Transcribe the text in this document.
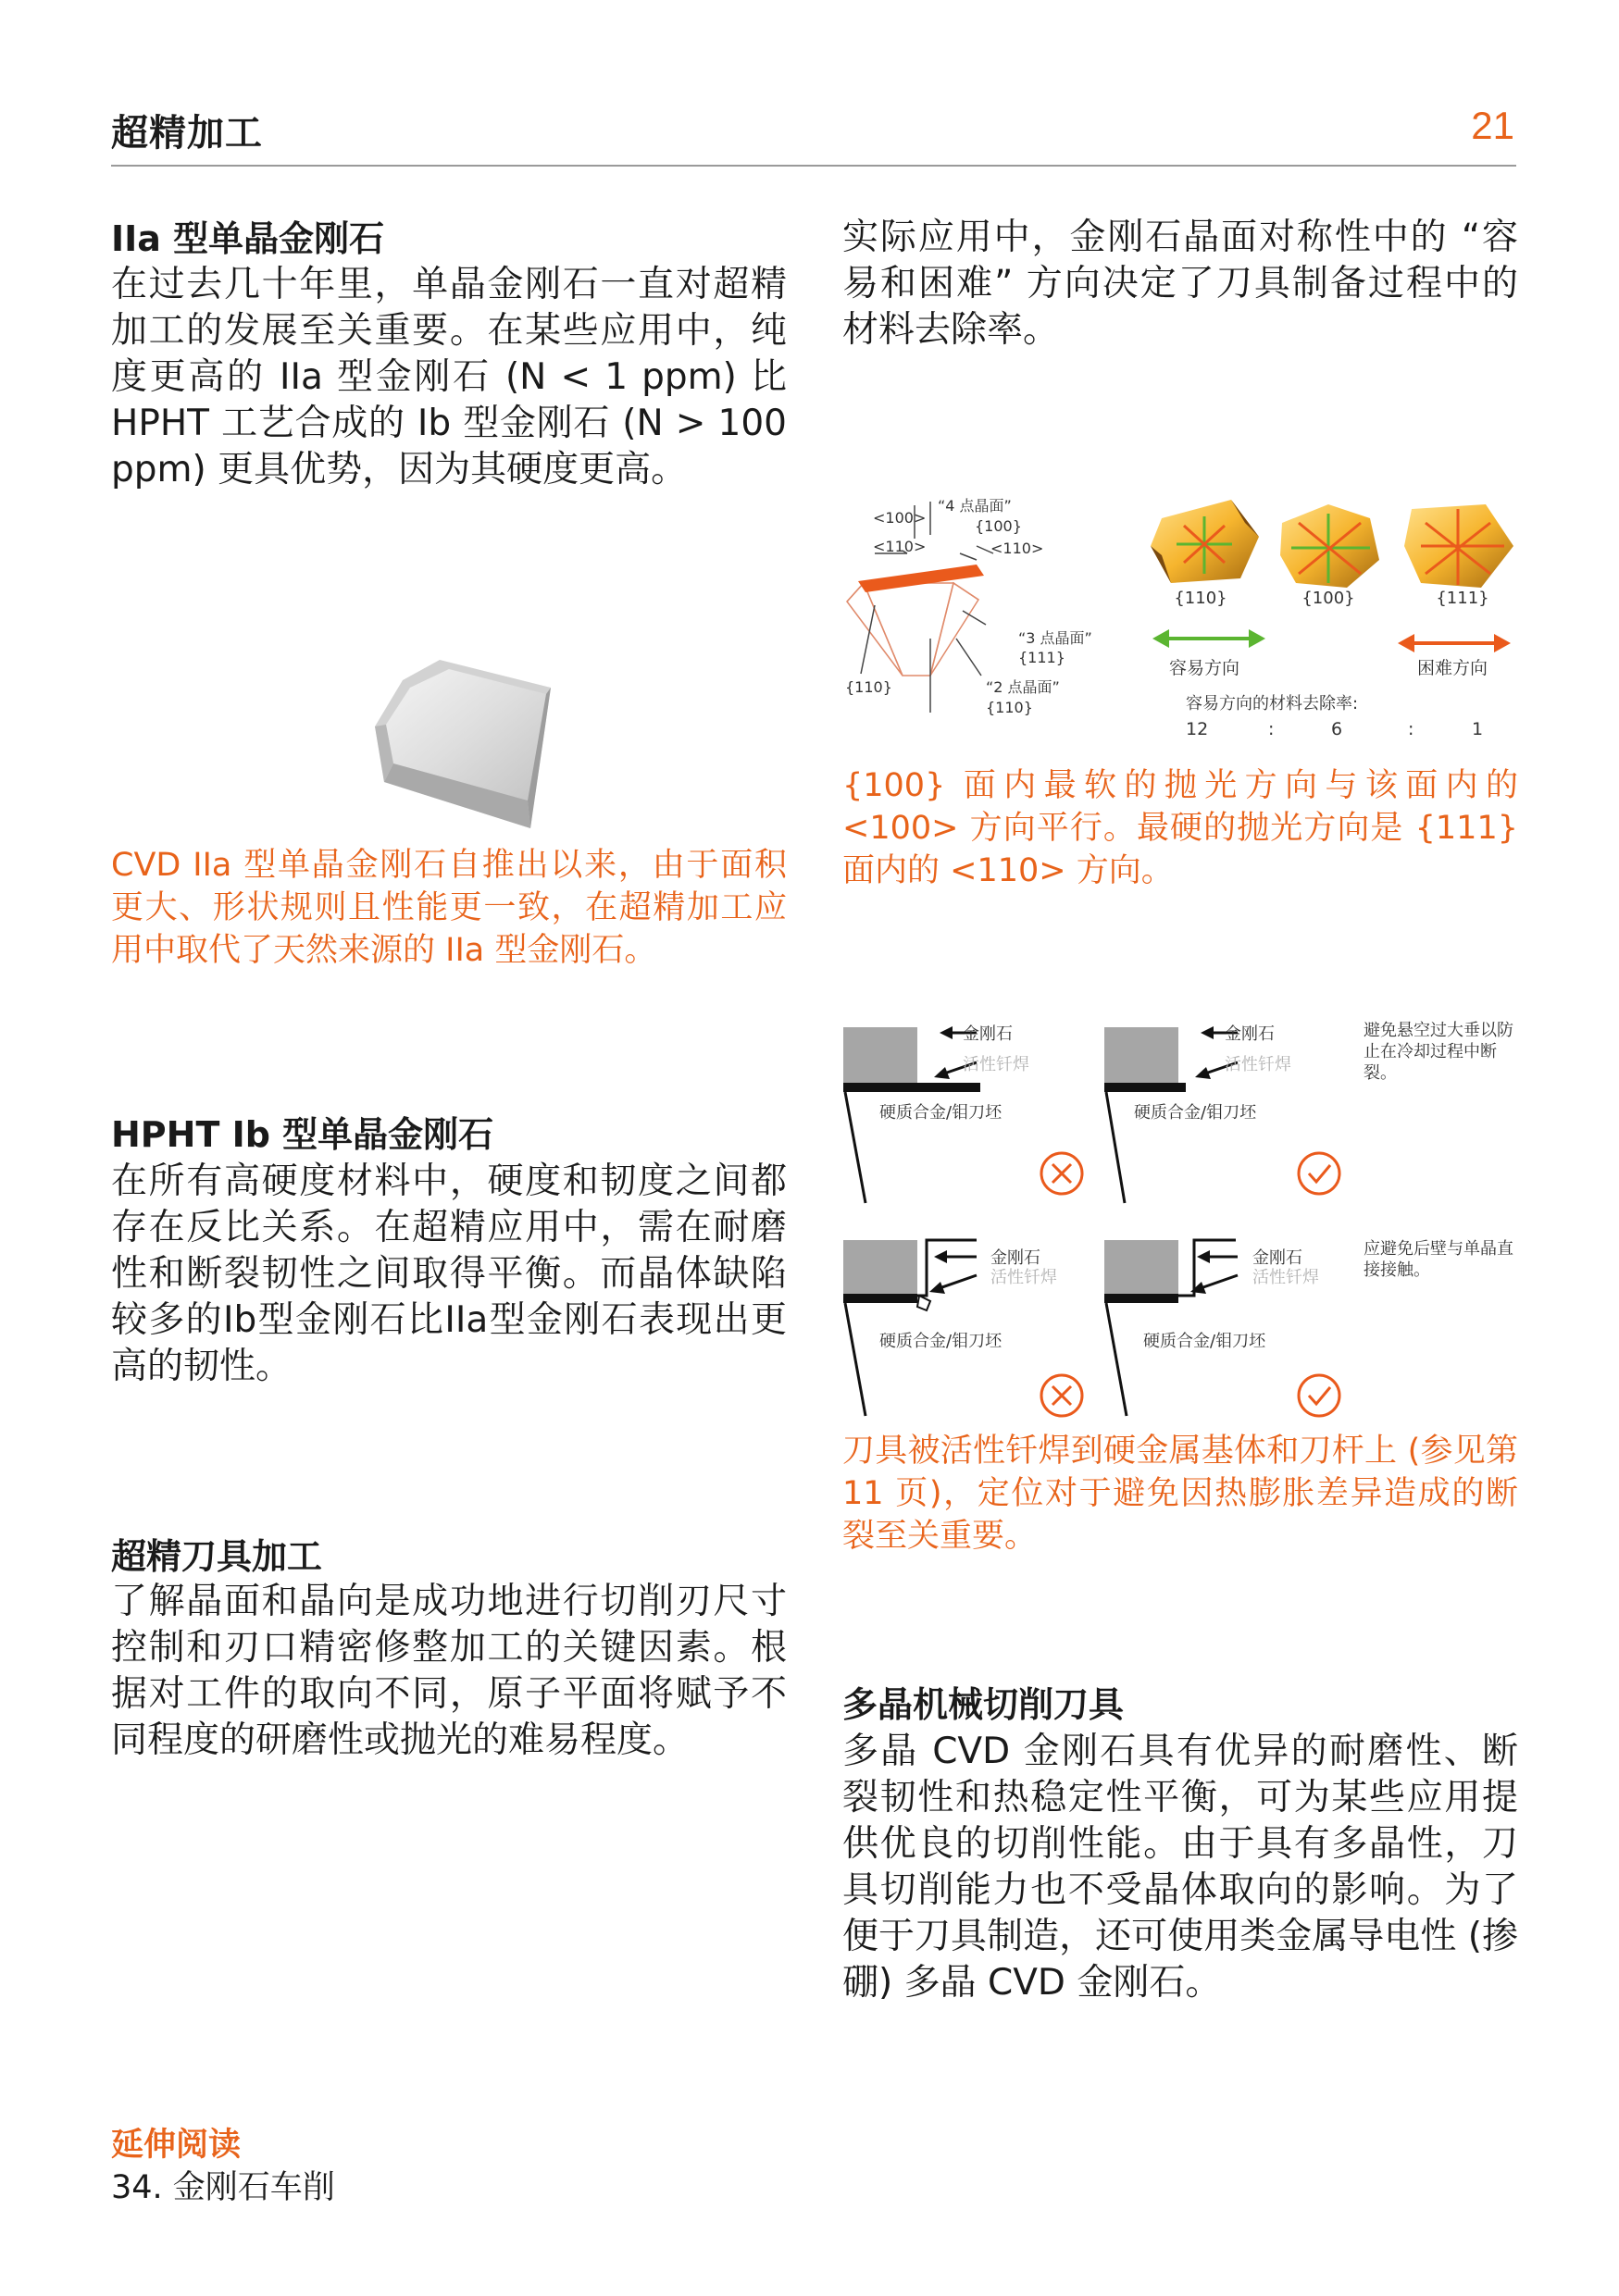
超精加工	21
IIa 型单晶金刚石
在过去几十年里，单晶金刚石一直对超精加工的发展至关重要。在某些应用中，纯度更高的 IIa 型金刚石 (N < 1 ppm) 比 HPHT 工艺合成的 Ib 型金刚石 (N > 100 ppm) 更具优势，因为其硬度更高。
CVD IIa 型单晶金刚石自推出以来，由于面积更大、形状规则且性能更一致，在超精加工应用中取代了天然来源的 IIa 型金刚石。
HPHT Ib 型单晶金刚石
在所有高硬度材料中，硬度和韧度之间都存在反比关系。在超精应用中，需在耐磨性和断裂韧性之间取得平衡。而晶体缺陷较多的Ib型金刚石比IIa型金刚石表现出更高的韧性。
超精刀具加工
了解晶面和晶向是成功地进行切削刃尺寸控制和刃口精密修整加工的关键因素。根据对工件的取向不同，原子平面将赋予不同程度的研磨性或抛光的难易程度。
实际应用中，金刚石晶面对称性中的 “容易和困难” 方向决定了刀具制备过程中的材料去除率。
<100>
“4 点晶面”
{100}
<110>	<110>
“3 点晶面”
{111}
{110}	“2 点晶面”
{110}
{110}	{100}	{111}
容易方向	困难方向
容易方向的材料去除率:
12	:	6	:	1
{100} 面内最软的抛光方向与该面内的 <100> 方向平行。最硬的抛光方向是 {111} 面内的 <110> 方向。
金刚石
活性钎焊
硬质合金/钼刀坯
金刚石
活性钎焊
硬质合金/钼刀坯
避免悬空过大垂以防止在冷却过程中断裂。
金刚石
活性钎焊
硬质合金/钼刀坯
金刚石
活性钎焊
硬质合金/钼刀坯
应避免后壁与单晶直接接触。
刀具被活性钎焊到硬金属基体和刀杆上 (参见第 11 页)，定位对于避免因热膨胀差异造成的断裂至关重要。
多晶机械切削刀具
多晶 CVD 金刚石具有优异的耐磨性、断裂韧性和热稳定性平衡，可为某些应用提供优良的切削性能。由于具有多晶性，刀具切削能力也不受晶体取向的影响。为了便于刀具制造，还可使用类金属导电性 (掺硼) 多晶 CVD 金刚石。
延伸阅读
34. 金刚石车削
